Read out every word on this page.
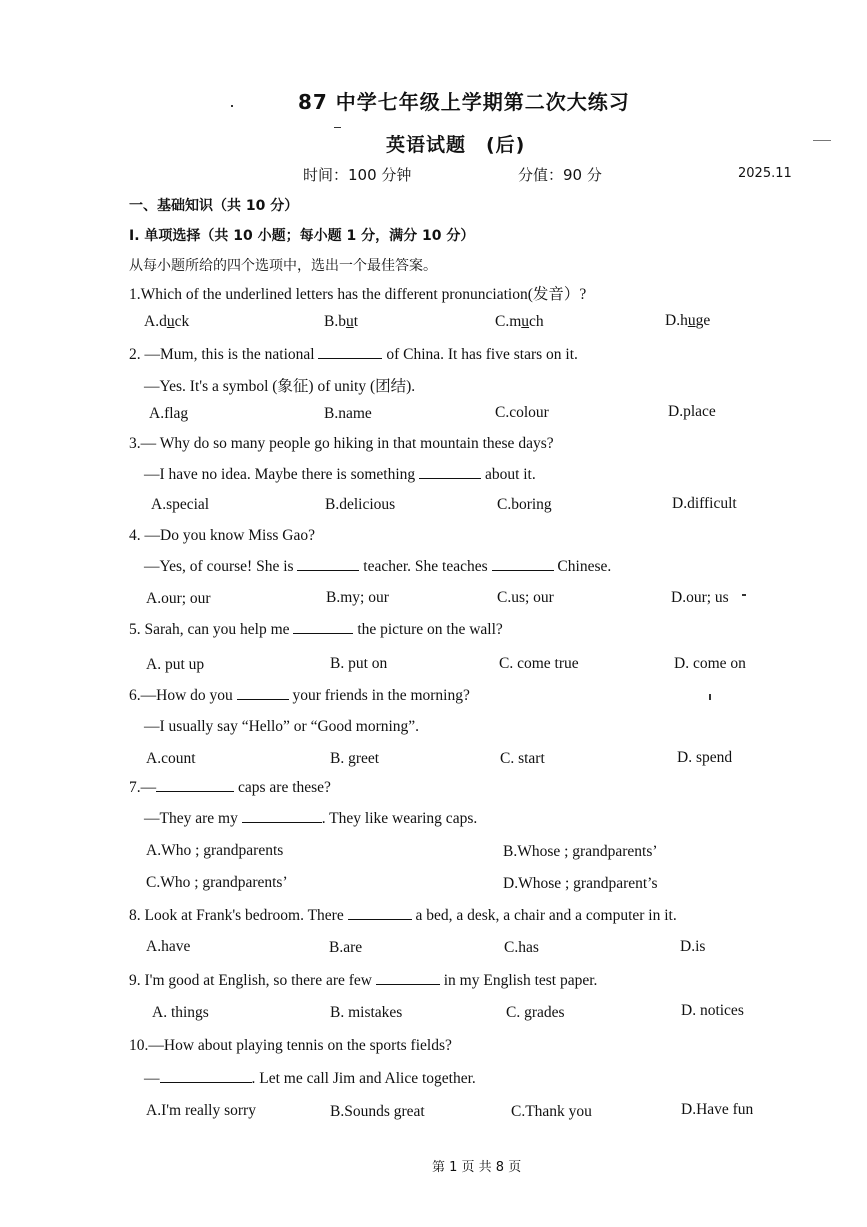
87 中学七年级上学期第二次大练习
英语试题　(后)
时间：100 分钟	分值：90 分	2025.11
一、基础知识（共 10 分）
I. 单项选择（共 10 小题；每小题 1 分，满分 10 分）
从每小题所给的四个选项中，选出一个最佳答案。
1.Which of the underlined letters has the different pronunciation(发音）?
A.duck	B.but	C.much	D.huge
2. —Mum, this is the national	of China. It has five stars on it.
—Yes. It's a symbol (象征) of unity (团结).
A.flag	B.name	C.colour	D.place
3.— Why do so many people go hiking in that mountain these days?
—I have no idea. Maybe there is something	about it.
A.special	B.delicious	C.boring	D.difficult
4. —Do you know Miss Gao?
—Yes, of course! She is	teacher. She teaches	Chinese.
A.our; our	B.my; our	C.us; our	D.our; us
5. Sarah, can you help me	the picture on the wall?
A. put up	B. put on	C. come true	D. come on
6.—How do you	your friends in the morning?
—I usually say “Hello” or “Good morning”.
A.count	B. greet	C. start	D. spend
7.—	caps are these?
—They are my	. They like wearing caps.
A.Who ; grandparents	B.Whose ; grandparents’
C.Who ; grandparents’	D.Whose ; grandparent’s
8. Look at Frank's bedroom. There	a bed, a desk, a chair and a computer in it.
A.have	B.are	C.has	D.is
9. I'm good at English, so there are few	in my English test paper.
A. things	B. mistakes	C. grades	D. notices
10.—How about playing tennis on the sports fields?
—	. Let me call Jim and Alice together.
A.I'm really sorry	B.Sounds great	C.Thank you	D.Have fun
第 1 页 共 8 页
